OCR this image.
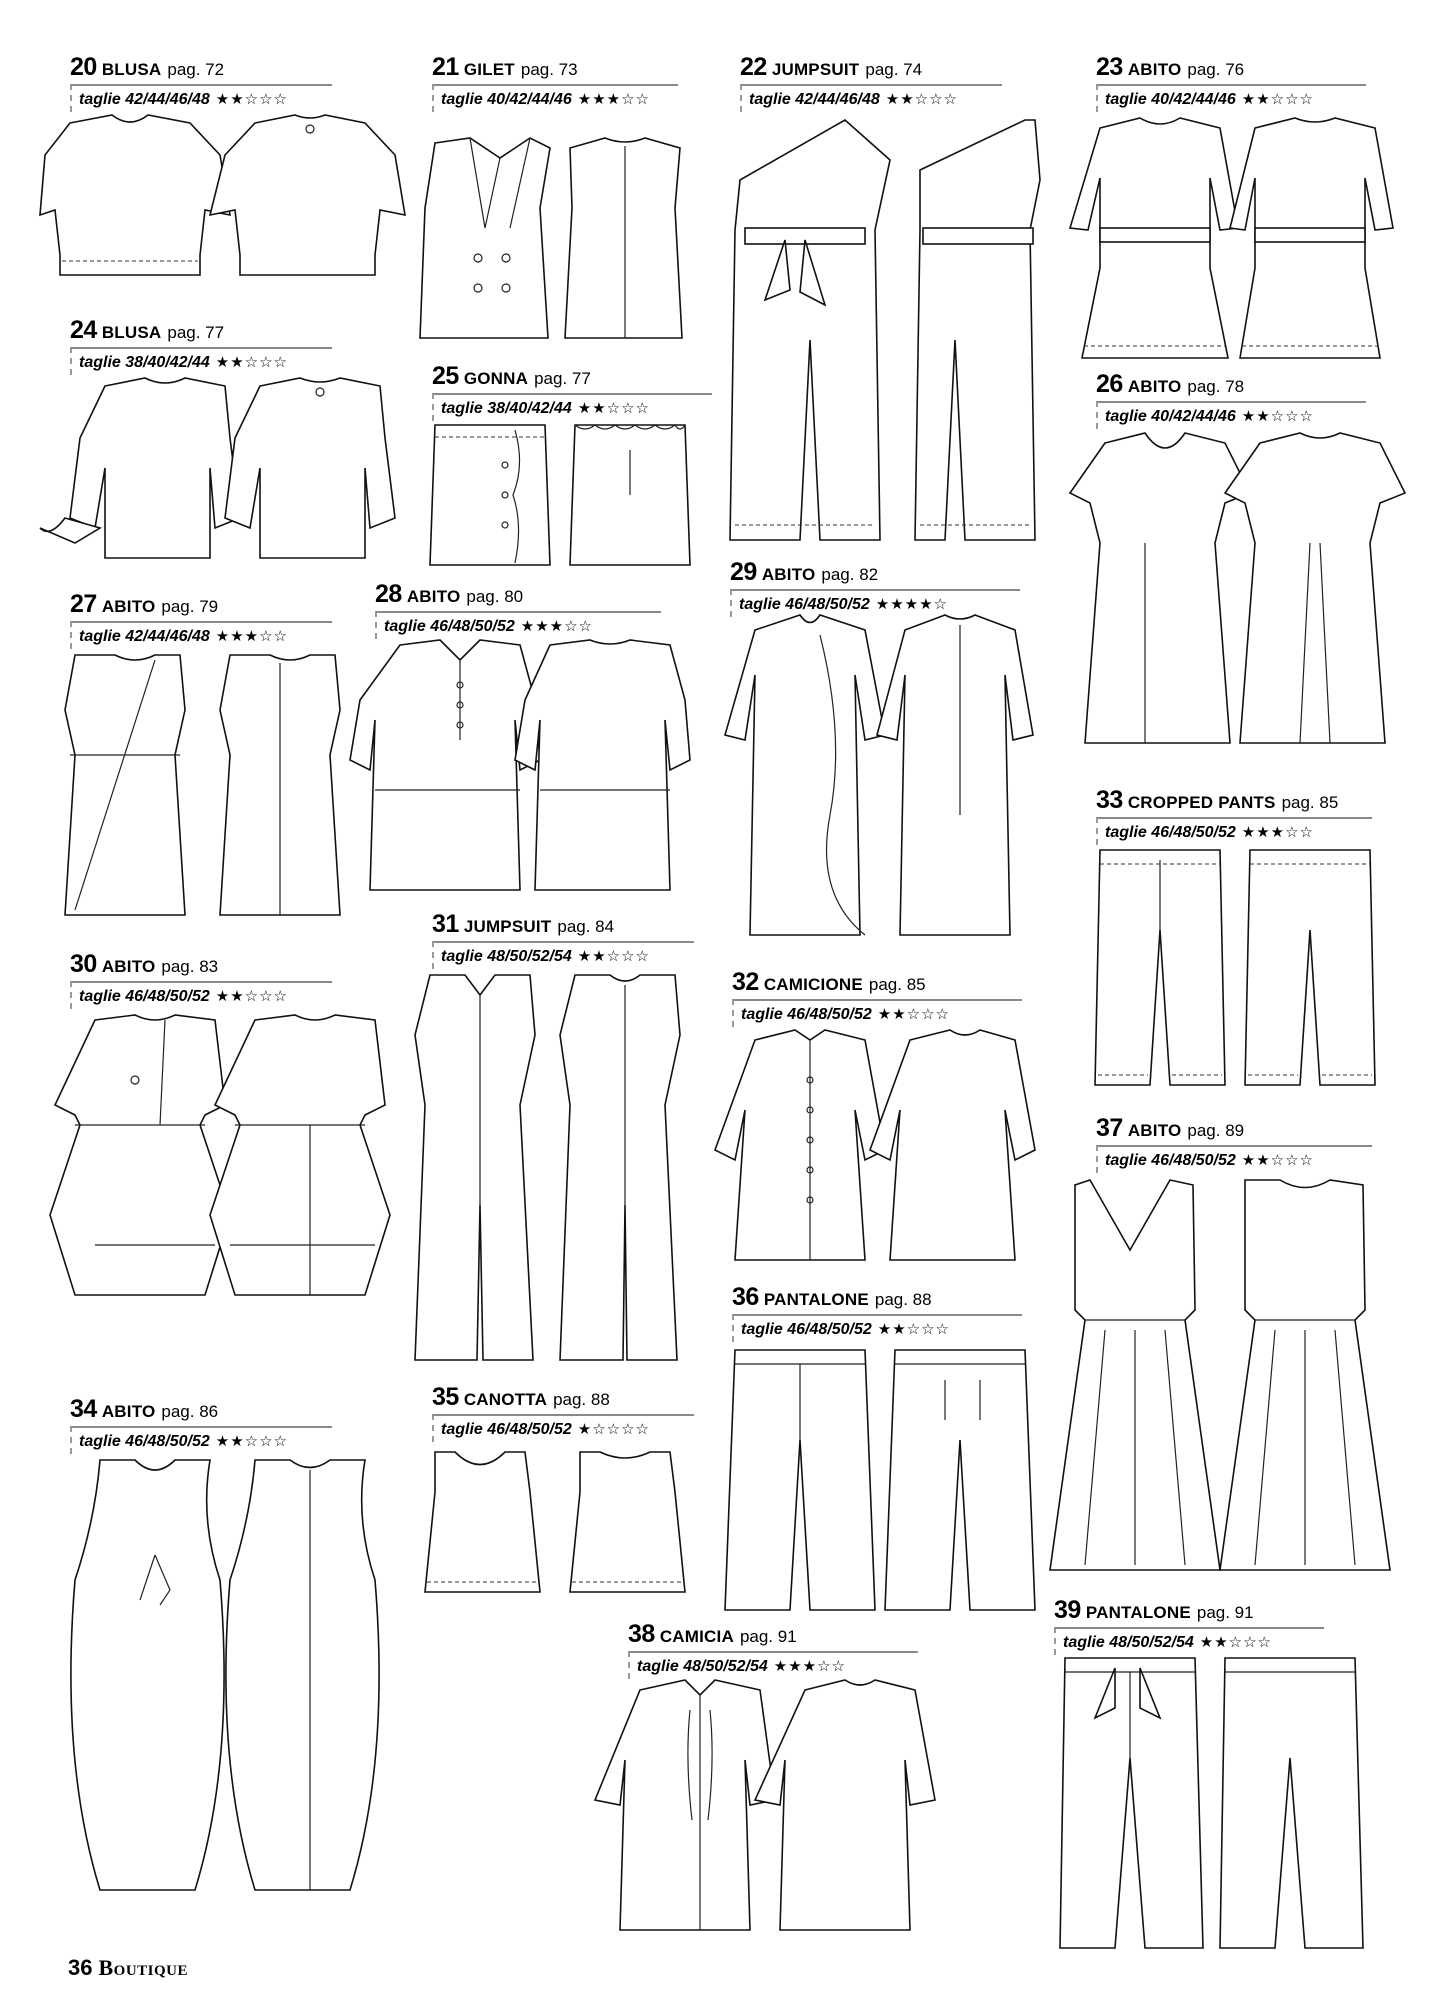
20 BLUSA pag. 72
taglie 42/44/46/48 ★★☆☆☆
21 GILET pag. 73
taglie 40/42/44/46 ★★★☆☆
22 JUMPSUIT pag. 74
taglie 42/44/46/48 ★★☆☆☆
23 ABITO pag. 76
taglie 40/42/44/46 ★★☆☆☆
24 BLUSA pag. 77
taglie 38/40/42/44 ★★☆☆☆	25 GONNA pag. 77
taglie 38/40/42/44 ★★☆☆☆
26 ABITO pag. 78
taglie 40/42/44/46 ★★☆☆☆
27 ABITO pag. 79
taglie 42/44/46/48 ★★★☆☆
28 ABITO pag. 80
taglie 46/48/50/52 ★★★☆☆
29 ABITO pag. 82
taglie 46/48/50/52 ★★★★☆
30 ABITO pag. 83
taglie 46/48/50/52 ★★☆☆☆
31 JUMPSUIT pag. 84
taglie 48/50/52/54 ★★☆☆☆
32 CAMICIONE pag. 85
taglie 46/48/50/52 ★★☆☆☆
33 CROPPED PANTS pag. 85
taglie 46/48/50/52 ★★★☆☆
34 ABITO pag. 86
taglie 46/48/50/52 ★★☆☆☆
35 CANOTTA pag. 88
taglie 46/48/50/52 ★☆☆☆☆
36 PANTALONE pag. 88
taglie 46/48/50/52 ★★☆☆☆
37 ABITO pag. 89
taglie 46/48/50/52 ★★☆☆☆
38 CAMICIA pag. 91
taglie 48/50/52/54 ★★★☆☆
39 PANTALONE pag. 91
taglie 48/50/52/54 ★★☆☆☆
36 Boutique
